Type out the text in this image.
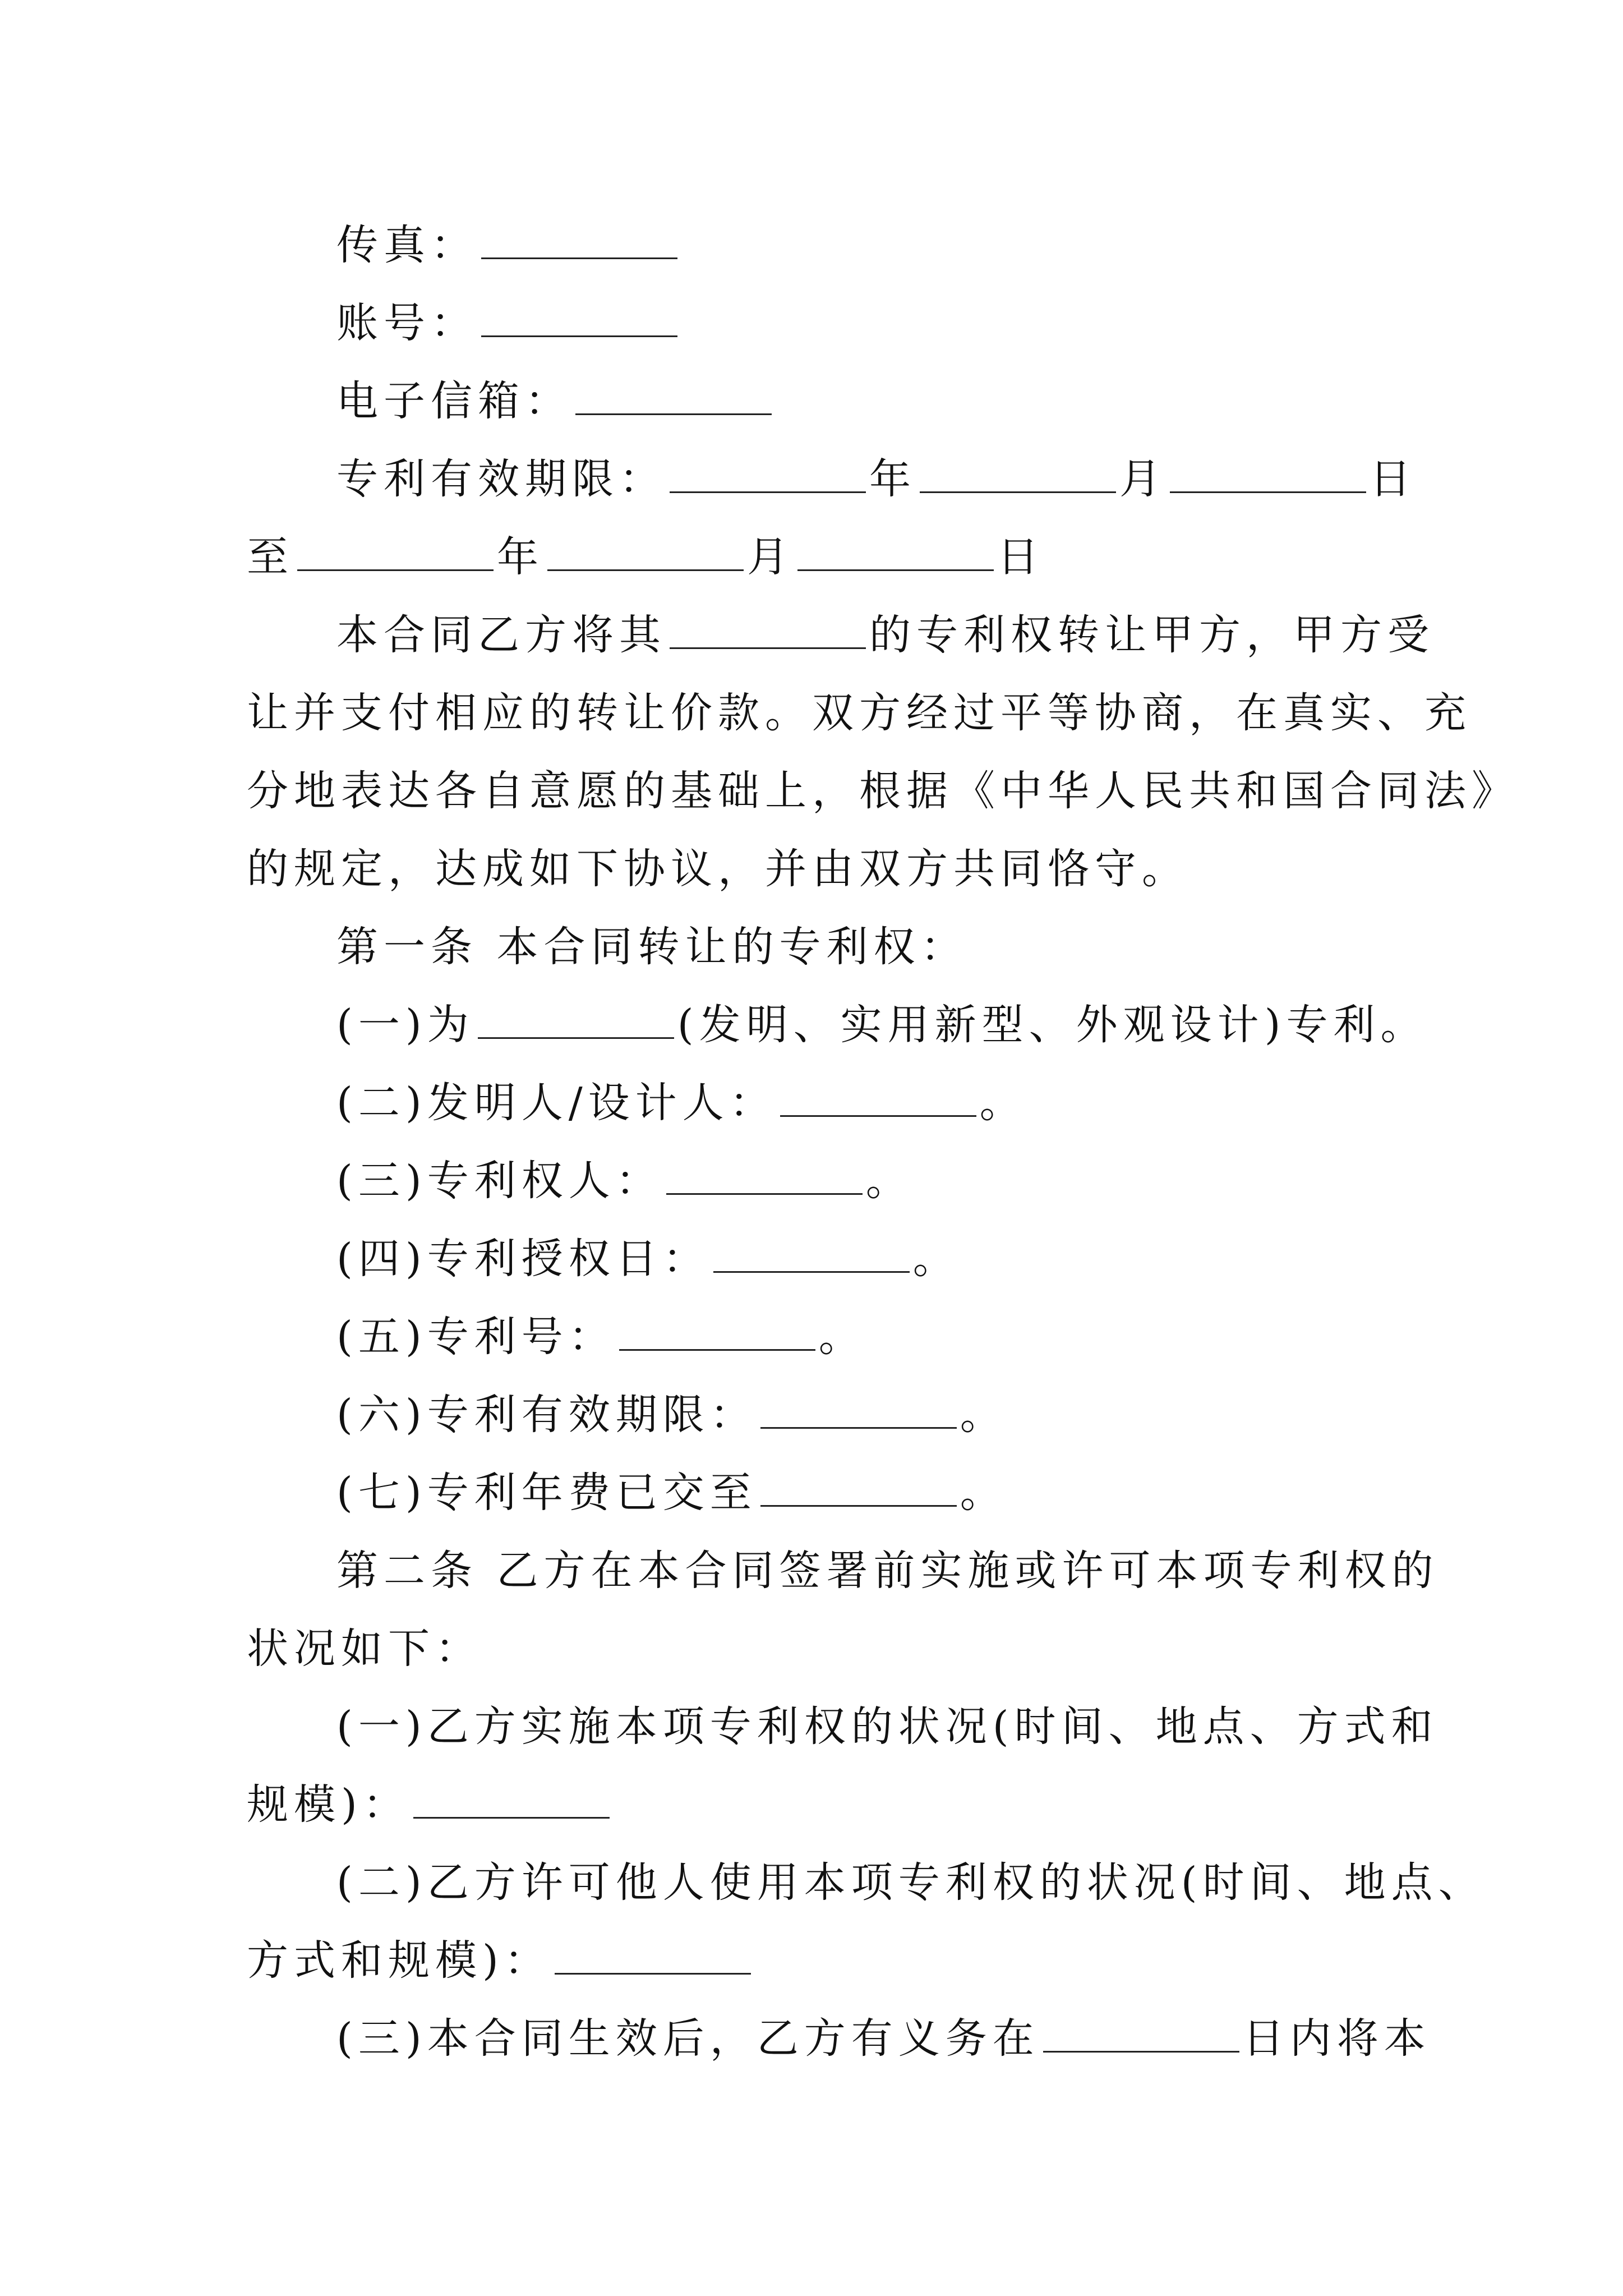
传真：
账号：
电子信箱：
专利有效期限：	年	月	日
至	年	月	日
本合同乙方将其	的专利权转让甲方，甲方受
让并支付相应的转让价款。双方经过平等协商，在真实、充
分地表达各自意愿的基础上，根据《中华人民共和国合同法》
的规定，达成如下协议，并由双方共同恪守。
第一条 本合同转让的专利权：
(一)为	(发明、实用新型、外观设计)专利。
(二)发明人/设计人：	。
(三)专利权人：	。
(四)专利授权日：	。
(五)专利号：	。
(六)专利有效期限：	。
(七)专利年费已交至	。
第二条 乙方在本合同签署前实施或许可本项专利权的
状况如下：
(一)乙方实施本项专利权的状况(时间、地点、方式和
规模)：
(二)乙方许可他人使用本项专利权的状况(时间、地点、
方式和规模)：
(三)本合同生效后，乙方有义务在	日内将本
